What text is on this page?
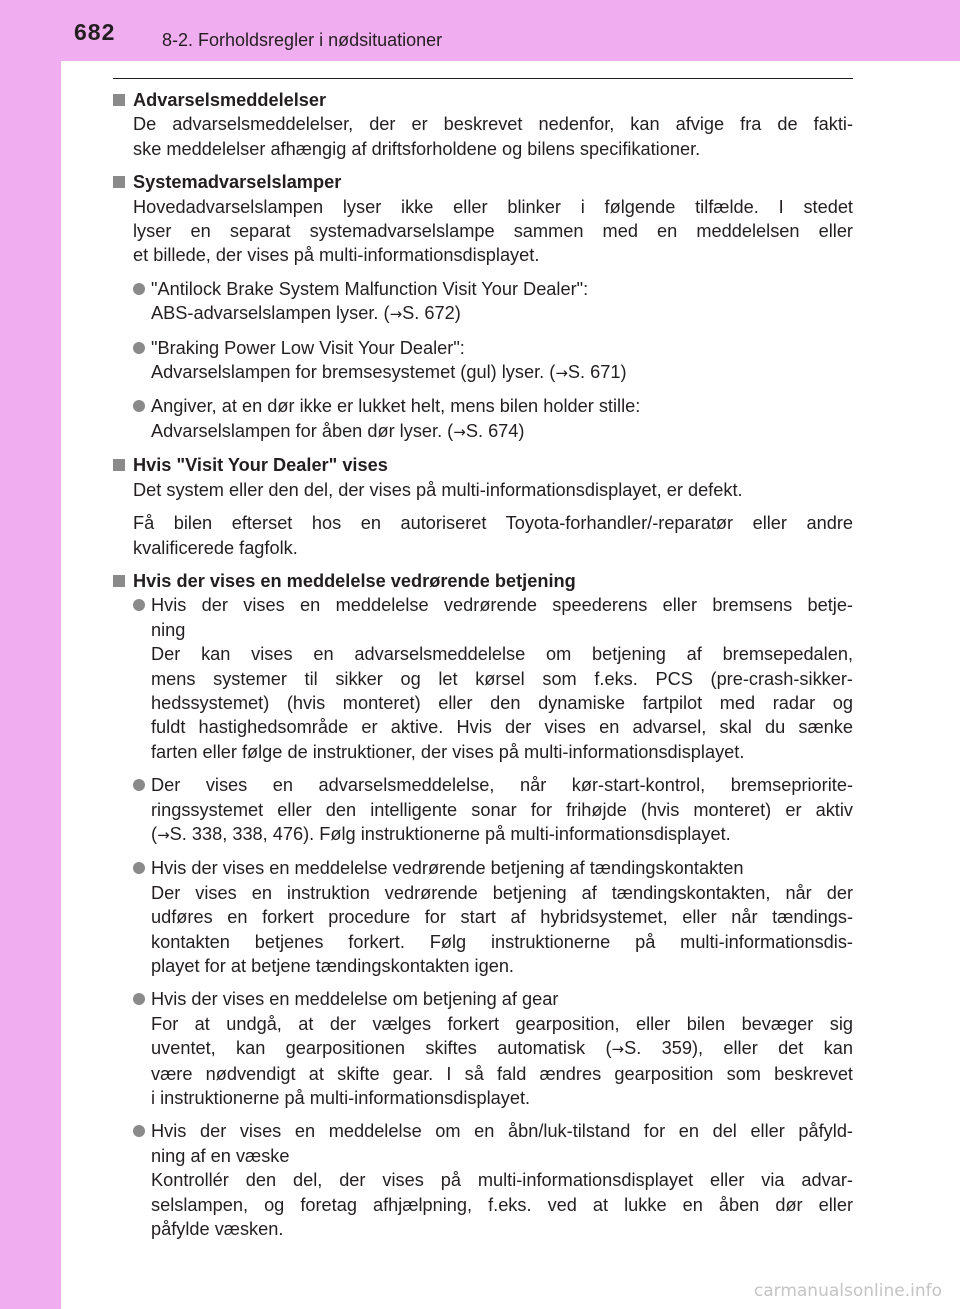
682	8-2. Forholdsregler i nødsituationer
Advarselsmeddelelser
De advarselsmeddelelser, der er beskrevet nedenfor, kan afvige fra de fakti-
ske meddelelser afhængig af driftsforholdene og bilens specifikationer.
Systemadvarselslamper
Hovedadvarselslampen lyser ikke eller blinker i følgende tilfælde. I stedet
lyser en separat systemadvarselslampe sammen med en meddelelsen eller
et billede, der vises på multi-informationsdisplayet.
"Antilock Brake System Malfunction Visit Your Dealer":
ABS-advarselslampen lyser. (→S. 672)
"Braking Power Low Visit Your Dealer":
Advarselslampen for bremsesystemet (gul) lyser. (→S. 671)
Angiver, at en dør ikke er lukket helt, mens bilen holder stille:
Advarselslampen for åben dør lyser. (→S. 674)
Hvis "Visit Your Dealer" vises
Det system eller den del, der vises på multi-informationsdisplayet, er defekt.
Få bilen efterset hos en autoriseret Toyota-forhandler/-reparatør eller andre
kvalificerede fagfolk.
Hvis der vises en meddelelse vedrørende betjening
Hvis der vises en meddelelse vedrørende speederens eller bremsens betje-
ning
Der kan vises en advarselsmeddelelse om betjening af bremsepedalen,
mens systemer til sikker og let kørsel som f.eks. PCS (pre-crash-sikker-
hedssystemet) (hvis monteret) eller den dynamiske fartpilot med radar og
fuldt hastighedsområde er aktive. Hvis der vises en advarsel, skal du sænke
farten eller følge de instruktioner, der vises på multi-informationsdisplayet.
Der vises en advarselsmeddelelse, når kør-start-kontrol, bremsepriorite-
ringssystemet eller den intelligente sonar for frihøjde (hvis monteret) er aktiv
(→S. 338, 338, 476). Følg instruktionerne på multi-informationsdisplayet.
Hvis der vises en meddelelse vedrørende betjening af tændingskontakten
Der vises en instruktion vedrørende betjening af tændingskontakten, når der
udføres en forkert procedure for start af hybridsystemet, eller når tændings-
kontakten betjenes forkert. Følg instruktionerne på multi-informationsdis-
playet for at betjene tændingskontakten igen.
Hvis der vises en meddelelse om betjening af gear
For at undgå, at der vælges forkert gearposition, eller bilen bevæger sig
uventet, kan gearpositionen skiftes automatisk (→S. 359), eller det kan
være nødvendigt at skifte gear. I så fald ændres gearposition som beskrevet
i instruktionerne på multi-informationsdisplayet.
Hvis der vises en meddelelse om en åbn/luk-tilstand for en del eller påfyld-
ning af en væske
Kontrollér den del, der vises på multi-informationsdisplayet eller via advar-
selslampen, og foretag afhjælpning, f.eks. ved at lukke en åben dør eller
påfylde væsken.
carmanualsonline.info
